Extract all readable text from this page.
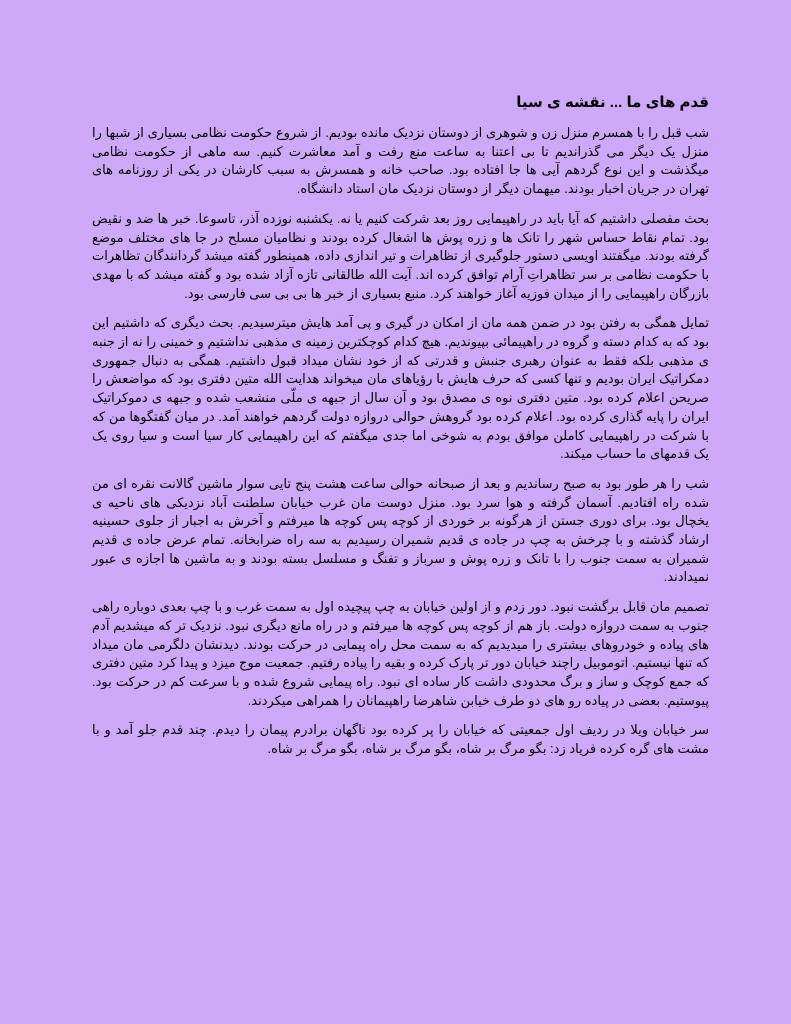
قدم های ما ... نقشه ی سیا

شب قبل را با همسرم منزل زن و شوهری از دوستان نزدیک مانده بودیم. از شروع حکومت نظامی بسیاری از شبها را منزل یک دیگر می گذراندیم تا بی اعتنا به ساعت منع رفت و آمد معاشرت کنیم. سه ماهی از حکومت نظامی میگذشت و این نوع گردهم آیی ها جا افتاده بود. صاحب خانه و همسرش به سبب کارشان در یکی از روزنامه های تهران در جریان اخبار بودند. میهمان دیگر از دوستان نزدیک مان استاد دانشگاه.

بحث مفصلی داشتیم که آیا باید در راهپیمایی روز بعد شرکت کنیم یا نه. یکشنبه نوزده آذر، تاسوعا. خبر ها ضد و نقیض بود. تمام نقاط حساس شهر را تانک ها و زره پوش ها اشغال کرده بودند و نظامیان مسلح در جا های مختلف موضع گرفته بودند. میگفتند اویسی دستور جلوگیری از تظاهرات و تیر اندازی داده، همینطور گفته میشد گردانندگان تظاهرات با حکومت نظامی بر سر تظاهراتِ آرام توافق کرده اند. آیت الله طالقانی تازه آزاد شده بود و گفته میشد که با مهدی بازرگان راهپیمایی را از میدان فوزیه آغاز خواهند کرد. منبع بسیاری از خبر ها بی بی سی فارسی بود.

تمایل همگی به رفتن بود در ضمن همه مان از امکان در گیری و پی آمد هایش میترسیدیم. بحث دیگری که داشتیم این بود که به کدام دسته و گروه در راهپیمائی بپیوندیم. هیچ کدام کوچکترین زمینه ی مذهبی نداشتیم و خمینی را نه از جنبه ی مذهبی بلکه فقط به عنوان رهبری جنبش و قدرتی که از خود نشان میداد قبول داشتیم. همگی به دنبال جمهوری دمکراتیک ایران بودیم و تنها کسی که حرف هایش با رؤیاهای مان میخواند هدایت الله متین دفتری بود که مواضعش را صریحن اعلام کرده بود. متین دفتری نوه ی مصدق بود و آن سال از جبهه ی ملّی منشعب شده و جبهه ی دموکراتیک ایران را پایه گذاری کرده بود. اعلام کرده بود گروهش حوالی دروازه دولت گردهم خواهند آمد. در میان گفتگوها من که با شرکت در راهپیمایی کاملن موافق بودم به شوخی اما جدی میگفتم که این راهپیمایی کار سیا است و سیا روی یک یک قدمهای ما حساب میکند.

شب را هر طور بود به صبح رساندیم و بعد از صبحانه حوالی ساعت هشت پنج تایی سوار ماشین گالانت نقره ای من شده راه افتادیم. آسمان گرفته و هوا سرد بود. منزل دوست مان غرب خیابان سلطنت آباد نزدیکی های ناحیه ی یخچال بود. برای دوری جستن از هرگونه بر خوردی از کوچه پس کوچه ها میرفتم و آخرش به اجبار از جلوی حسینیه ارشاد گذشته و با چرخش به چپ در جاده ی قدیم شمیران رسیدیم به سه راه ضرابخانه. تمام عرض جاده ی قدیم شمیران به سمت جنوب را با تانک و زره پوش و سرباز و تفنگ و مسلسل بسته بودند و به ماشین ها اجازه ی عبور نمیدادند.

تصمیم مان قابل برگشت نبود. دور زدم و از اولین خیابان به چپ پیچیده اول به سمت غرب و با چپ بعدی دوباره راهی جنوب به سمت دروازه دولت. باز هم از کوچه پس کوچه ها میرفتم و در راه مانع دیگری نبود. نزدیک تر که میشدیم آدم های پیاده و خودروهای بیشتری را میدیدیم که به سمت محل راه پیمایی در حرکت بودند. دیدنشان دلگرمی مان میداد که تنها نیستیم. اتوموبیل راچند خیابان دور تر پارک کرده و بقیه را پیاده رفتیم. جمعیت موج میزد و پیدا کرد متین دفتری که جمع کوچک و ساز و برگ محدودی داشت کار ساده ای نبود. راه پیمایی شروع شده و با سرعت کم در حرکت بود. پیوستیم. بعضی در پیاده رو های دو طرف خیابن شاهرضا راهپیمانان را همراهی میکردند.

سر خیابان ویلا در ردیف اول جمعیتی که خیابان را پر کرده بود ناگهان برادرم پیمان را دیدم. چند قدم جلو آمد و با مشت های گره کرده فریاد زد: بگو مرگ بر شاه، بگو مرگ بر شاه، بگو مرگ بر شاه.
